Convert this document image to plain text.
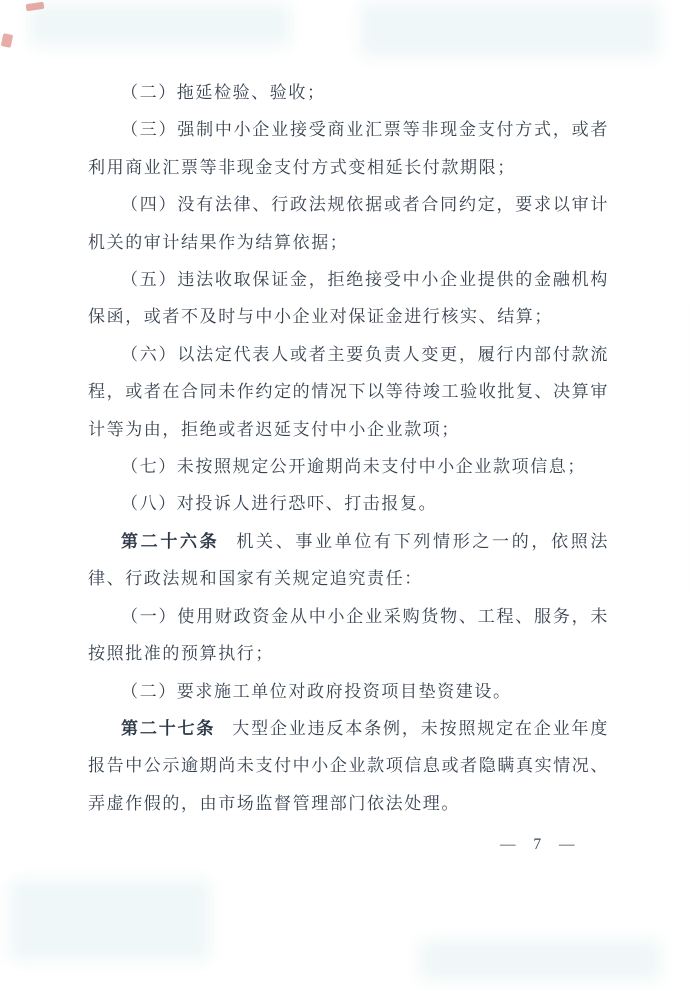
（二）拖延检验、验收；

（三）强制中小企业接受商业汇票等非现金支付方式，或者利用商业汇票等非现金支付方式变相延长付款期限；

（四）没有法律、行政法规依据或者合同约定，要求以审计机关的审计结果作为结算依据；

（五）违法收取保证金，拒绝接受中小企业提供的金融机构保函，或者不及时与中小企业对保证金进行核实、结算；

（六）以法定代表人或者主要负责人变更，履行内部付款流程，或者在合同未作约定的情况下以等待竣工验收批复、决算审计等为由，拒绝或者迟延支付中小企业款项；

（七）未按照规定公开逾期尚未支付中小企业款项信息；

（八）对投诉人进行恐吓、打击报复。

第二十六条 机关、事业单位有下列情形之一的，依照法律、行政法规和国家有关规定追究责任：

（一）使用财政资金从中小企业采购货物、工程、服务，未按照批准的预算执行；

（二）要求施工单位对政府投资项目垫资建设。

第二十七条 大型企业违反本条例，未按照规定在企业年度报告中公示逾期尚未支付中小企业款项信息或者隐瞒真实情况、弄虚作假的，由市场监督管理部门依法处理。

— 7 —
